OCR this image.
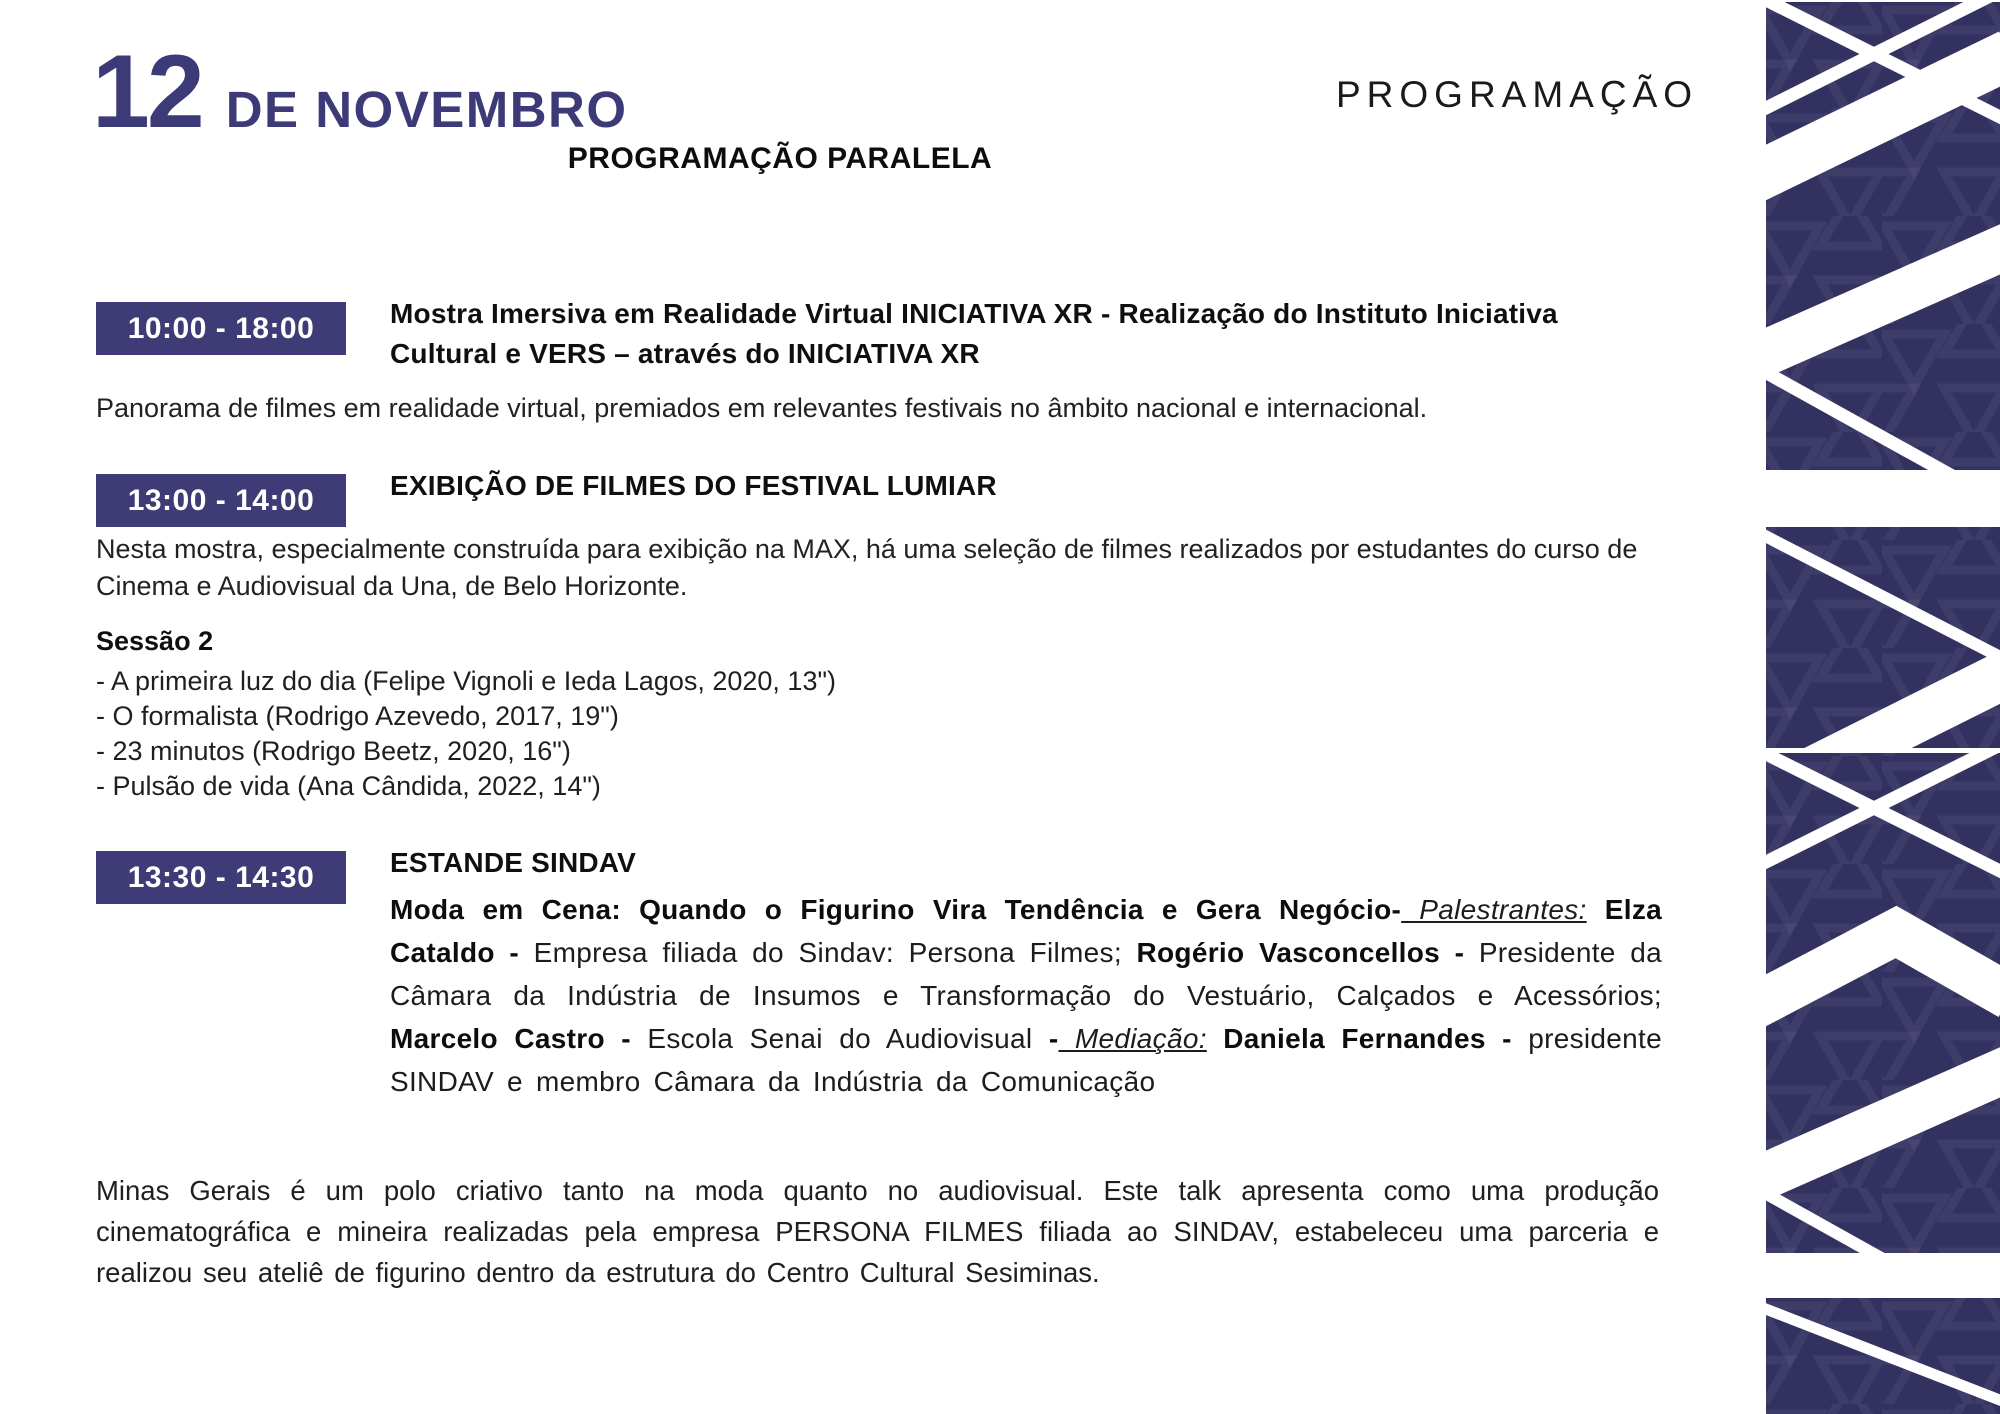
12 DE NOVEMBRO	PROGRAMAÇÃO
PROGRAMAÇÃO PARALELA
10:00 - 18:00	Mostra Imersiva em Realidade Virtual INICIATIVA XR - Realização do Instituto Iniciativa Cultural e VERS – através do INICIATIVA XR

Panorama de filmes em realidade virtual, premiados em relevantes festivais no âmbito nacional e internacional.

13:00 - 14:00	EXIBIÇÃO DE FILMES DO FESTIVAL LUMIAR

Nesta mostra, especialmente construída para exibição na MAX, há uma seleção de filmes realizados por estudantes do curso de Cinema e Audiovisual da Una, de Belo Horizonte.

Sessão 2
- A primeira luz do dia (Felipe Vignoli e Ieda Lagos, 2020, 13")
- O formalista (Rodrigo Azevedo, 2017, 19")
- 23 minutos (Rodrigo Beetz, 2020, 16")
- Pulsão de vida (Ana Cândida, 2022, 14")
13:30 - 14:30	ESTANDE SINDAV

Moda em Cena: Quando o Figurino Vira Tendência e Gera Negócio- Palestrantes: Elza Cataldo - Empresa filiada do Sindav: Persona Filmes; Rogério Vasconcellos - Presidente da Câmara da Indústria de Insumos e Transformação do Vestuário, Calçados e Acessórios; Marcelo Castro - Escola Senai do Audiovisual - Mediação: Daniela Fernandes - presidente SINDAV e membro Câmara da Indústria da Comunicação

Minas Gerais é um polo criativo tanto na moda quanto no audiovisual. Este talk apresenta como uma produção cinematográfica e mineira realizadas pela empresa PERSONA FILMES filiada ao SINDAV, estabeleceu uma parceria e realizou seu ateliê de figurino dentro da estrutura do Centro Cultural Sesiminas.
